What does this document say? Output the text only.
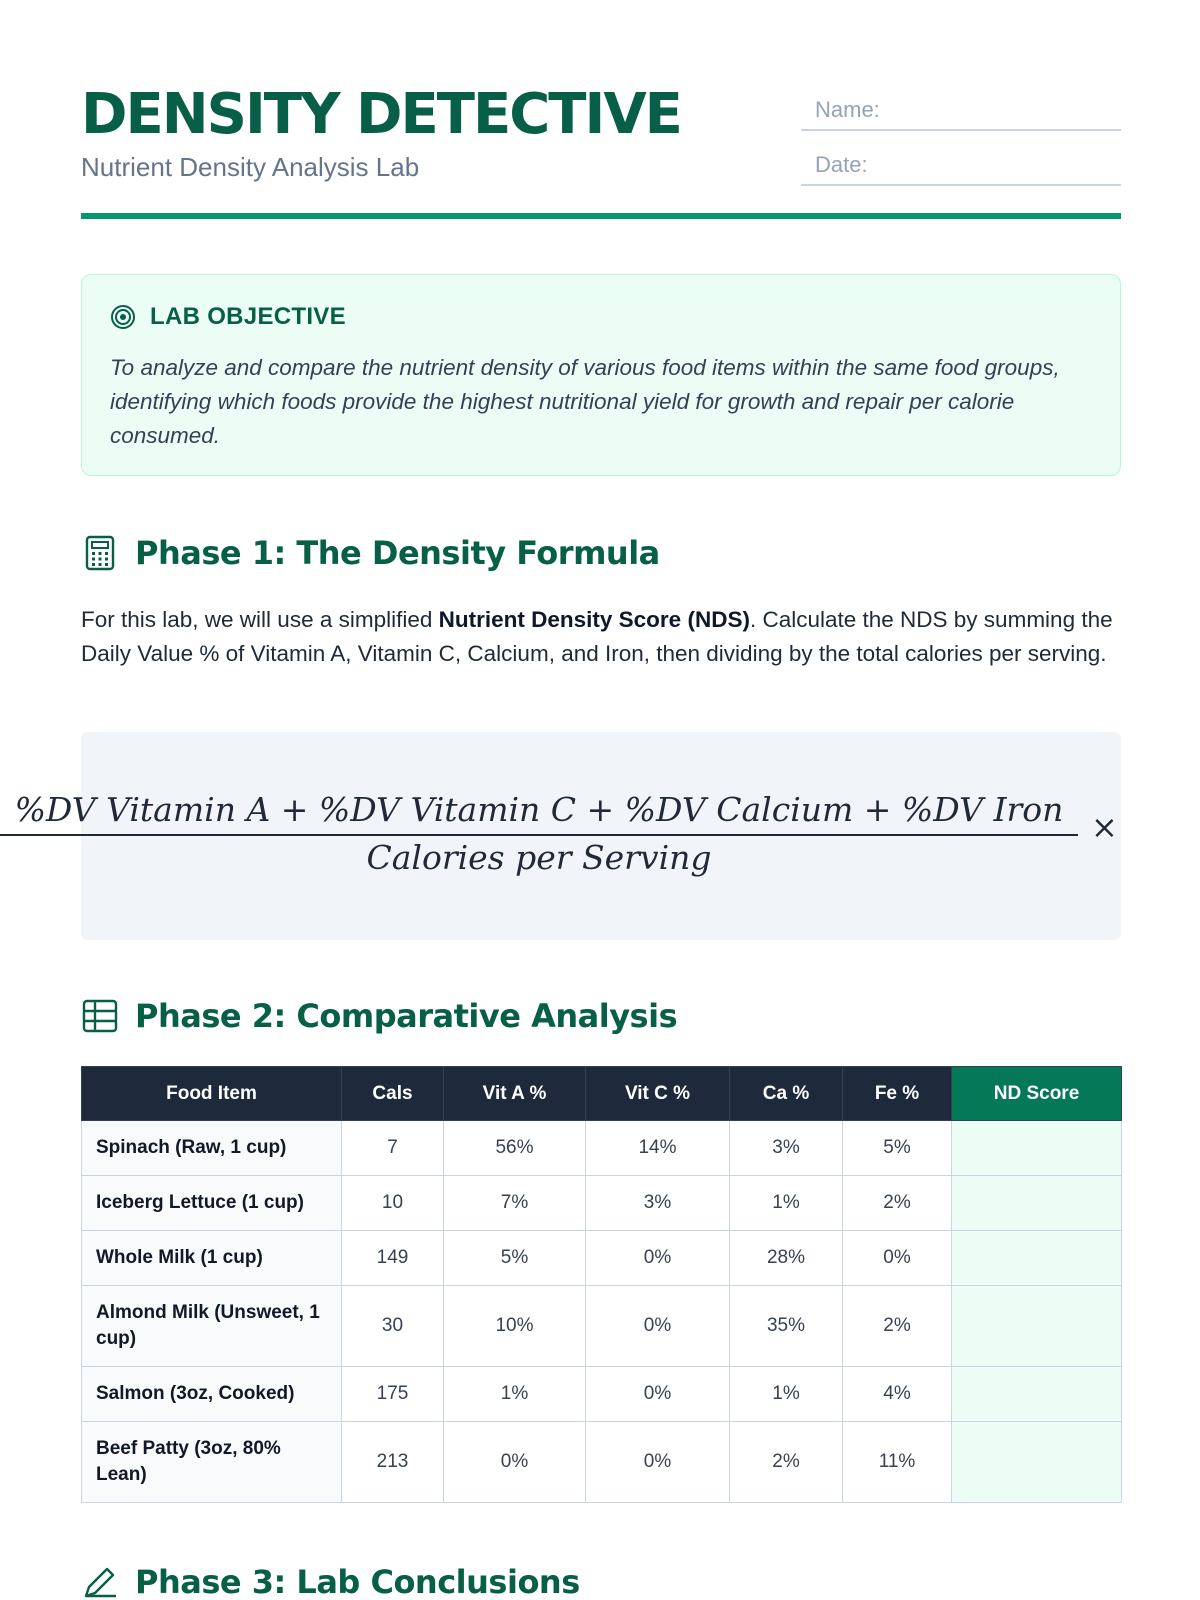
DENSITY DETECTIVE
Nutrient Density Analysis Lab
Name:
Date:
LAB OBJECTIVE

To analyze and compare the nutrient density of various food items within the same food groups, identifying which foods provide the highest nutritional yield for growth and repair per calorie consumed.

Phase 1: The Density Formula

For this lab, we will use a simplified Nutrient Density Score (NDS). Calculate the NDS by summing the Daily Value % of Vitamin A, Vitamin C, Calcium, and Iron, then dividing by the total calories per serving.

%DV Vitamin A + %DV Vitamin C + %DV Calcium + %DV Iron
Calories per Serving
×
Phase 2: Comparative Analysis
Food Item	Cals	Vit A %	Vit C %	Ca %	Fe %	ND Score
Spinach (Raw, 1 cup)	7	56%	14%	3%	5%	
Iceberg Lettuce (1 cup)	10	7%	3%	1%	2%	
Whole Milk (1 cup)	149	5%	0%	28%	0%	
Almond Milk (Unsweet, 1 cup)	30	10%	0%	35%	2%	
Salmon (3oz, Cooked)	175	1%	0%	1%	4%	
Beef Patty (3oz, 80% Lean)	213	0%	0%	2%	11%	
Phase 3: Lab Conclusions
